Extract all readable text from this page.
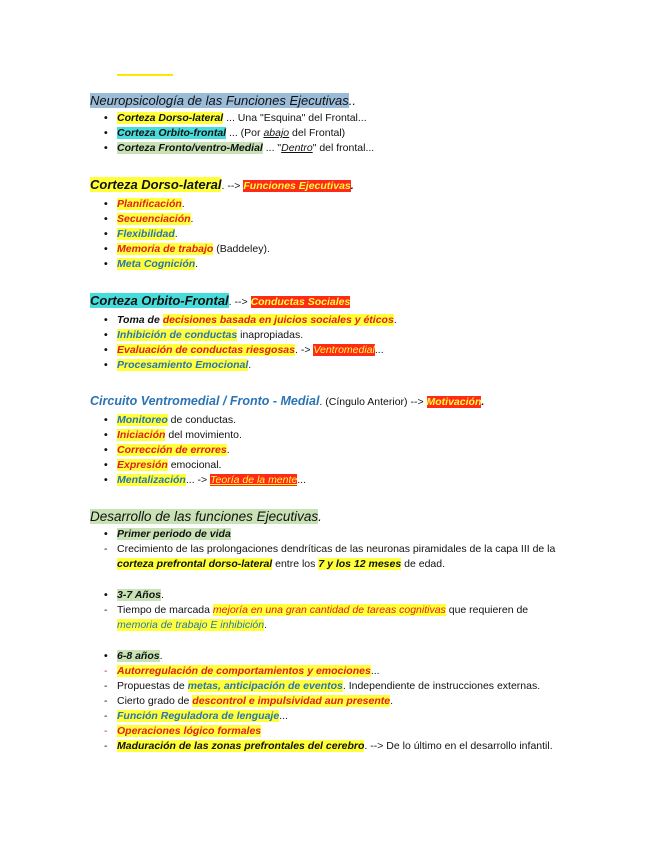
Neuropsicología de las Funciones Ejecutivas..
• Corteza Dorso-lateral ... Una "Esquina" del Frontal...
• Corteza Orbito-frontal ... (Por abajo del Frontal)
• Corteza Fronto/ventro-Medial ... "Dentro" del frontal...
Corteza Dorso-lateral. --> Funciones Ejecutivas.
• Planificación.
• Secuenciación.
• Flexibilidad.
• Memoria de trabajo (Baddeley).
• Meta Cognición.
Corteza Orbito-Frontal. --> Conductas Sociales
• Toma de decisiones basada en juicios sociales y éticos.
• Inhibición de conductas inapropiadas.
• Evaluación de conductas riesgosas. -> Ventromedial...
• Procesamiento Emocional.
Circuito Ventromedial / Fronto - Medial. (Cíngulo Anterior) --> Motivación.
• Monitoreo de conductas.
• Iniciación del movimiento.
• Corrección de errores.
• Expresión emocional.
• Mentalización... -> Teoría de la mente...
Desarrollo de las funciones Ejecutivas.
• Primer periodo de vida
- Crecimiento de las prolongaciones dendríticas de las neuronas piramidales de la capa III de la corteza prefrontal dorso-lateral entre los 7 y los 12 meses de edad.
• 3-7 Años.
- Tiempo de marcada mejoría en una gran cantidad de tareas cognitivas que requieren de memoria de trabajo E inhibición.
• 6-8 años.
- Autorregulación de comportamientos y emociones...
- Propuestas de metas, anticipación de eventos. Independiente de instrucciones externas.
- Cierto grado de descontrol e impulsividad aun presente.
- Función Reguladora de lenguaje...
- Operaciones lógico formales
- Maduración de las zonas prefrontales del cerebro. --> De lo último en el desarrollo infantil.
